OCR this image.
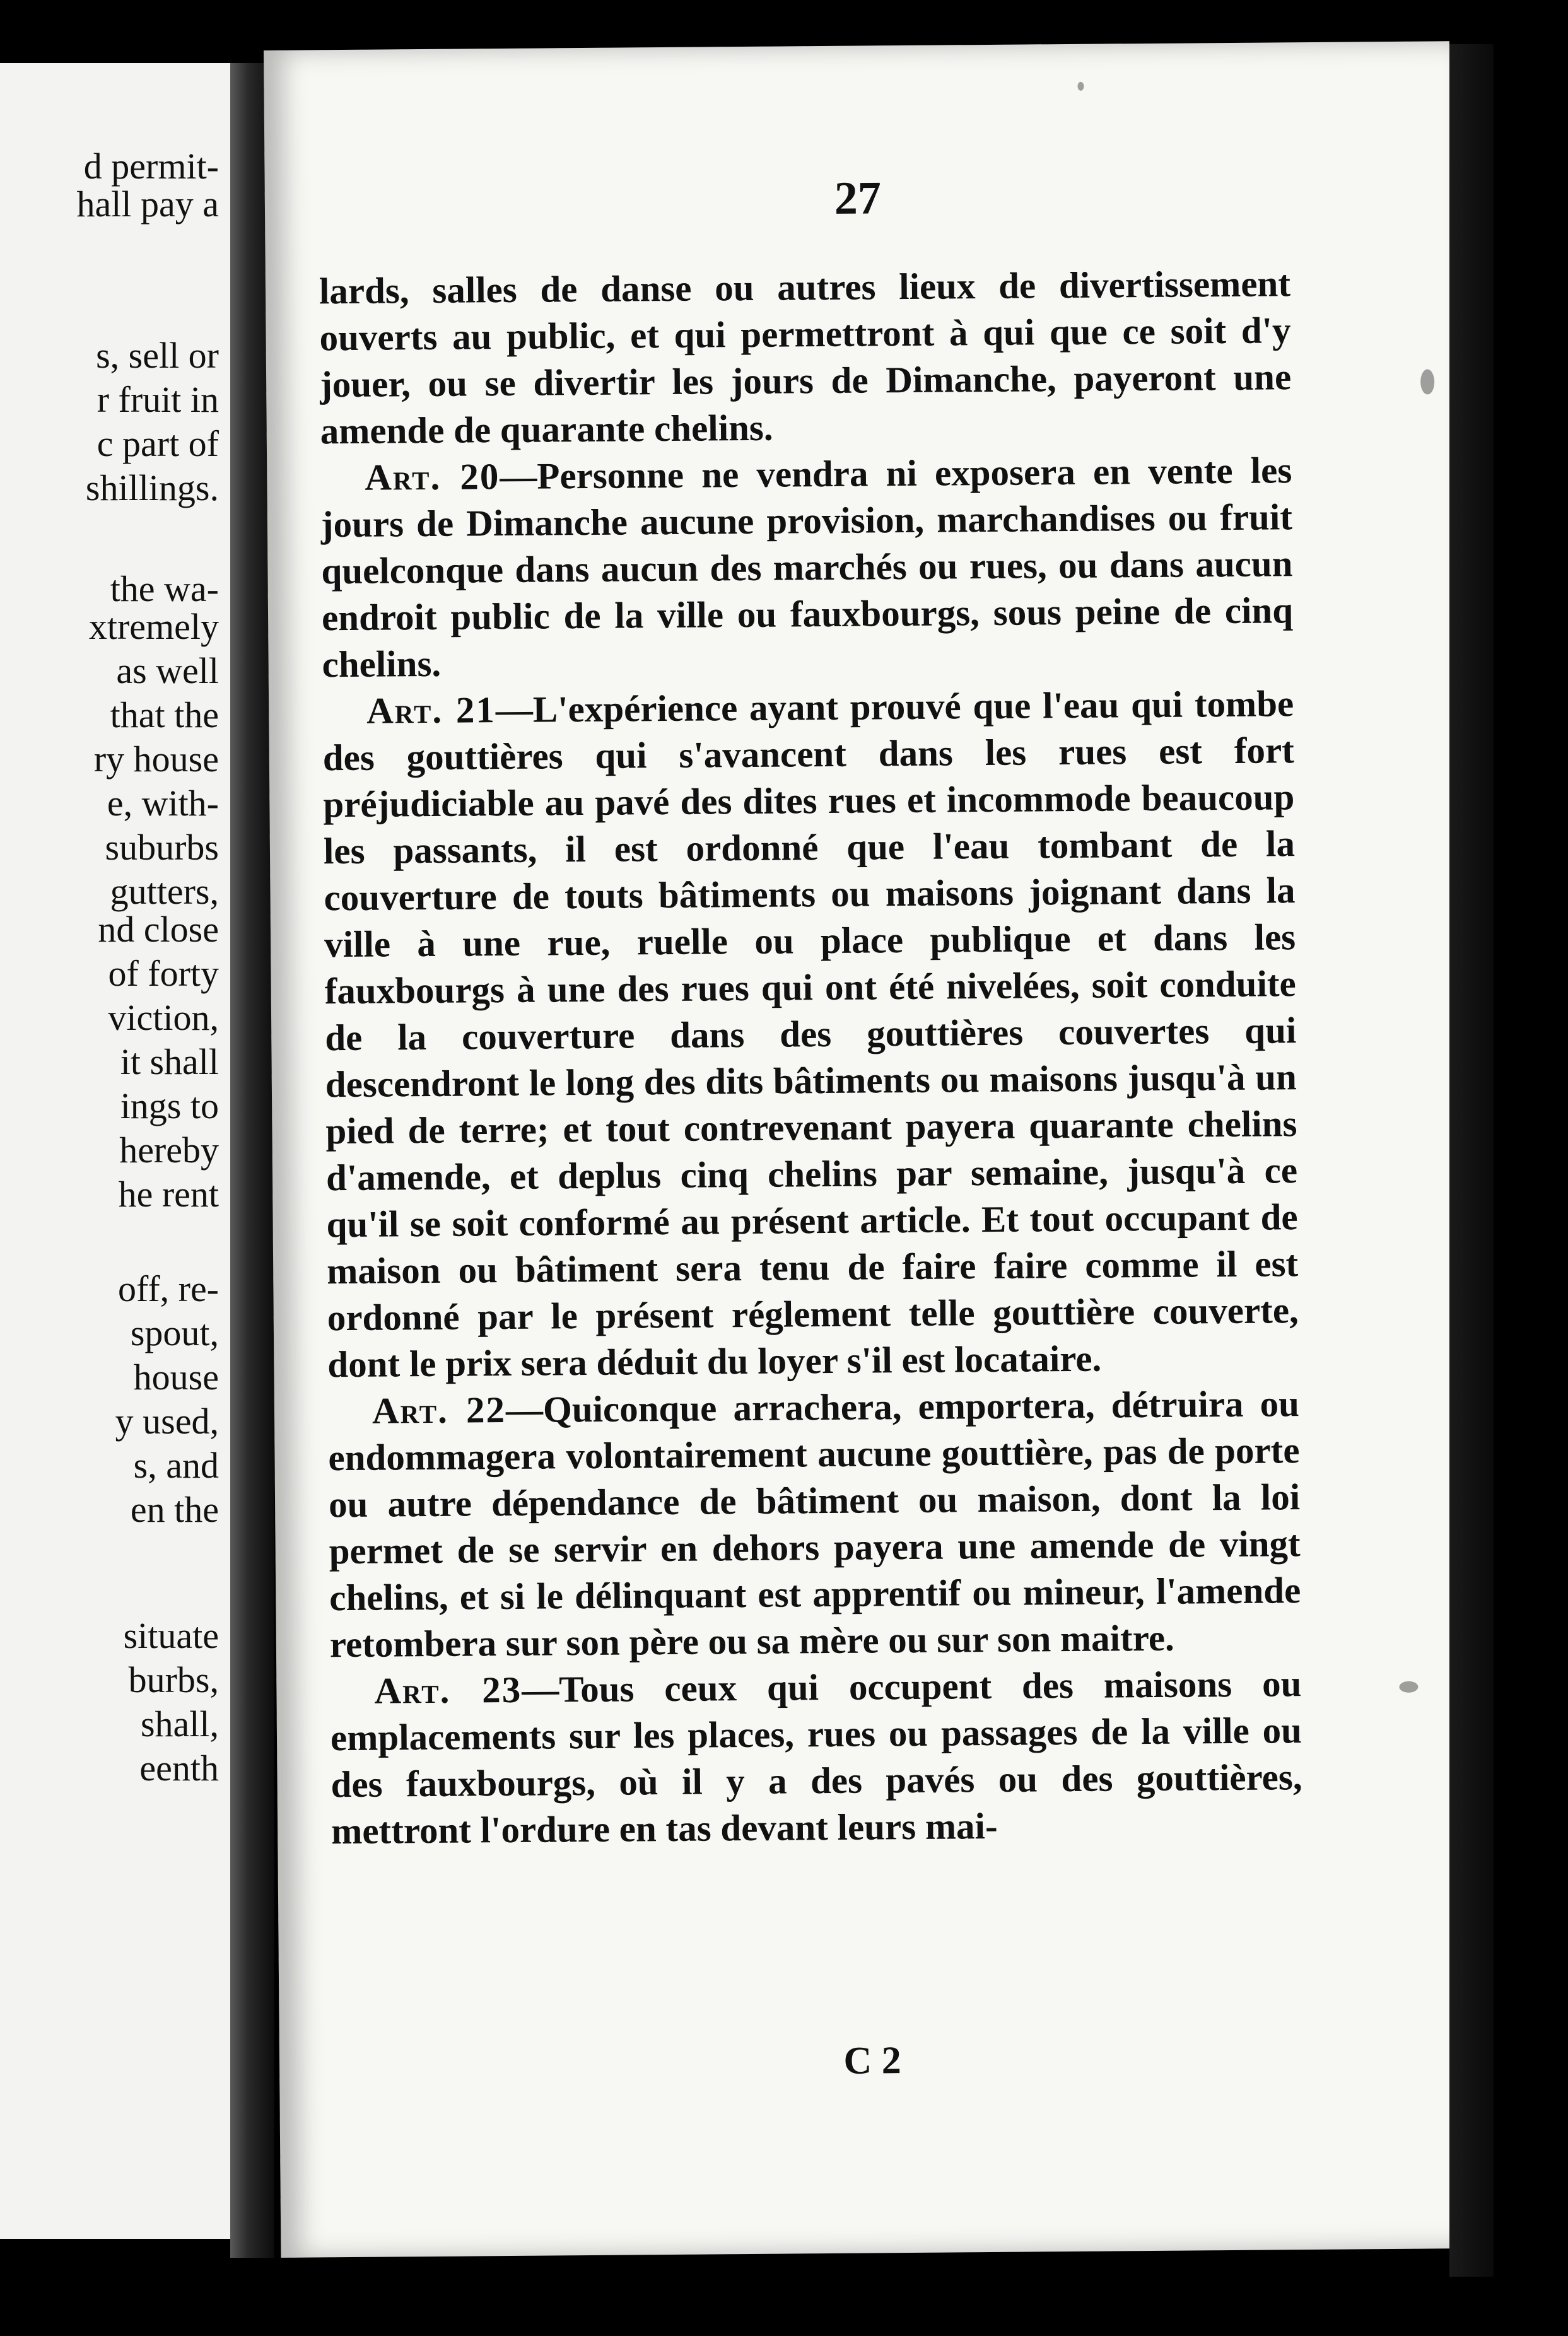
d permit-
hall pay a
s, sell or
r fruit in
c part of
shillings.
the wa-
xtremely
as well
that the
ry house
e, with-
suburbs
gutters,
nd close
of forty
viction,
it shall
ings to
hereby
he rent
off, re-
spout,
house
y used,
s, and
en the
situate
burbs,
shall,
eenth
27

lards, salles de danse ou autres lieux de divertissement ouverts au public, et qui permettront à qui que ce soit d'y jouer, ou se divertir les jours de Dimanche, payeront une amende de quarante chelins.

Art. 20—Personne ne vendra ni exposera en vente les jours de Dimanche aucune provision, marchandises ou fruit quelconque dans aucun des marchés ou rues, ou dans aucun endroit public de la ville ou fauxbourgs, sous peine de cinq chelins.

Art. 21—L'expérience ayant prouvé que l'eau qui tombe des gouttières qui s'avancent dans les rues est fort préjudiciable au pavé des dites rues et incommode beaucoup les passants, il est ordonné que l'eau tombant de la couverture de touts bâtiments ou maisons joignant dans la ville à une rue, ruelle ou place publique et dans les fauxbourgs à une des rues qui ont été nivelées, soit conduite de la couverture dans des gouttières couvertes qui descendront le long des dits bâtiments ou maisons jusqu'à un pied de terre; et tout contrevenant payera quarante chelins d'amende, et deplus cinq chelins par semaine, jusqu'à ce qu'il se soit conformé au présent article. Et tout occupant de maison ou bâtiment sera tenu de faire faire comme il est ordonné par le présent réglement telle gouttière couverte, dont le prix sera déduit du loyer s'il est locataire.

Art. 22—Quiconque arrachera, emportera, détruira ou endommagera volontairement aucune gouttière, pas de porte ou autre dépendance de bâtiment ou maison, dont la loi permet de se servir en dehors payera une amende de vingt chelins, et si le délinquant est apprentif ou mineur, l'amende retombera sur son père ou sa mère ou sur son maitre.

Art. 23—Tous ceux qui occupent des maisons ou emplacements sur les places, rues ou passages de la ville ou des fauxbourgs, où il y a des pavés ou des gouttières, mettront l'ordure en tas devant leurs mai-

C 2
